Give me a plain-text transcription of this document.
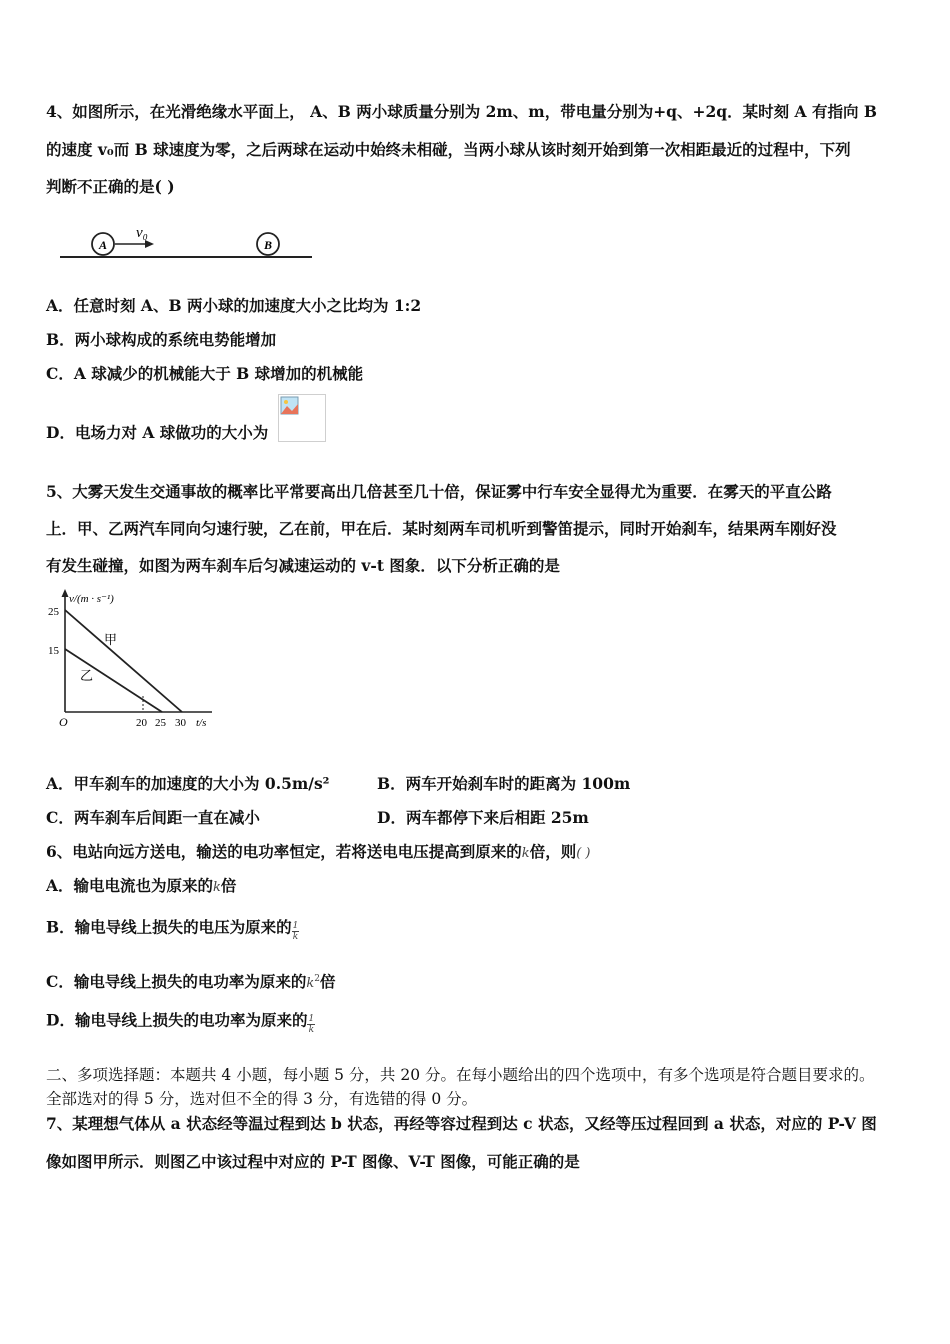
4、如图所示，在光滑绝缘水平面上， A、B 两小球质量分别为 2m、m，带电量分别为+q、+2q．某时刻 A 有指向 B
的速度 v₀而 B 球速度为零，之后两球在运动中始终未相碰，当两小球从该时刻开始到第一次相距最近的过程中，下列
判断不正确的是( )
A
v₀
B
A．任意时刻 A、B 两小球的加速度大小之比均为 1:2
B．两小球构成的系统电势能增加
C．A 球减少的机械能大于 B 球增加的机械能
D．电场力对 A 球做功的大小为
5、大雾天发生交通事故的概率比平常要高出几倍甚至几十倍，保证雾中行车安全显得尤为重要．在雾天的平直公路
上．甲、乙两汽车同向匀速行驶，乙在前，甲在后．某时刻两车司机听到警笛提示，同时开始刹车，结果两车刚好没
有发生碰撞，如图为两车刹车后匀减速运动的 v-t 图象．以下分析正确的是
v/(m · s⁻¹)
25
15
O	20 25 30 t/s
甲
乙
A．甲车刹车的加速度的大小为 0.5m/s²	B．两车开始刹车时的距离为 100m
C．两车刹车后间距一直在减小	D．两车都停下来后相距 25m
6、电站向远方送电，输送的电功率恒定，若将送电电压提高到原来的k倍，则( )
A．输电电流也为原来的k倍
B．输电导线上损失的电压为原来的 $\frac{1}{k}$
C．输电导线上损失的电功率为原来的$k^2$倍
D．输电导线上损失的电功率为原来的 $\frac{1}{k}$
二、多项选择题：本题共 4 小题，每小题 5 分，共 20 分。在每小题给出的四个选项中，有多个选项是符合题目要求的。
全部选对的得 5 分，选对但不全的得 3 分，有选错的得 0 分。
7、某理想气体从 a 状态经等温过程到达 b 状态，再经等容过程到达 c 状态，又经等压过程回到 a 状态，对应的 P-V 图
像如图甲所示．则图乙中该过程中对应的 P-T 图像、V-T 图像，可能正确的是
